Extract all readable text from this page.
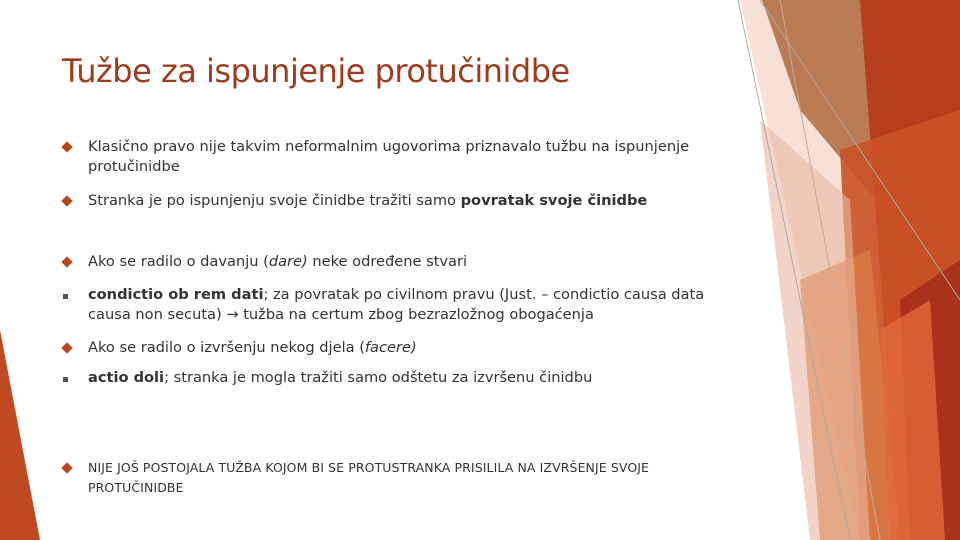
Tužbe za ispunjenje protučinidbe
Klasično pravo nije takvim neformalnim ugovorima priznavalo tužbu na ispunjenje protučinidbe
Stranka je po ispunjenju svoje činidbe tražiti samo povratak svoje činidbe
Ako se radilo o davanju (dare) neke određene stvari
condictio ob rem dati; za povratak po civilnom pravu (Just. – condictio causa data causa non secuta) → tužba na certum zbog bezrazložnog obogaćenja
Ako se radilo o izvršenju nekog djela (facere)
actio doli; stranka je mogla tražiti samo odštetu za izvršenu činidbu
NIJE JOŠ POSTOJALA TUŽBA KOJOM BI SE PROTUSTRANKA PRISILILA NA IZVRŠENJE SVOJE PROTUČINIDBE
